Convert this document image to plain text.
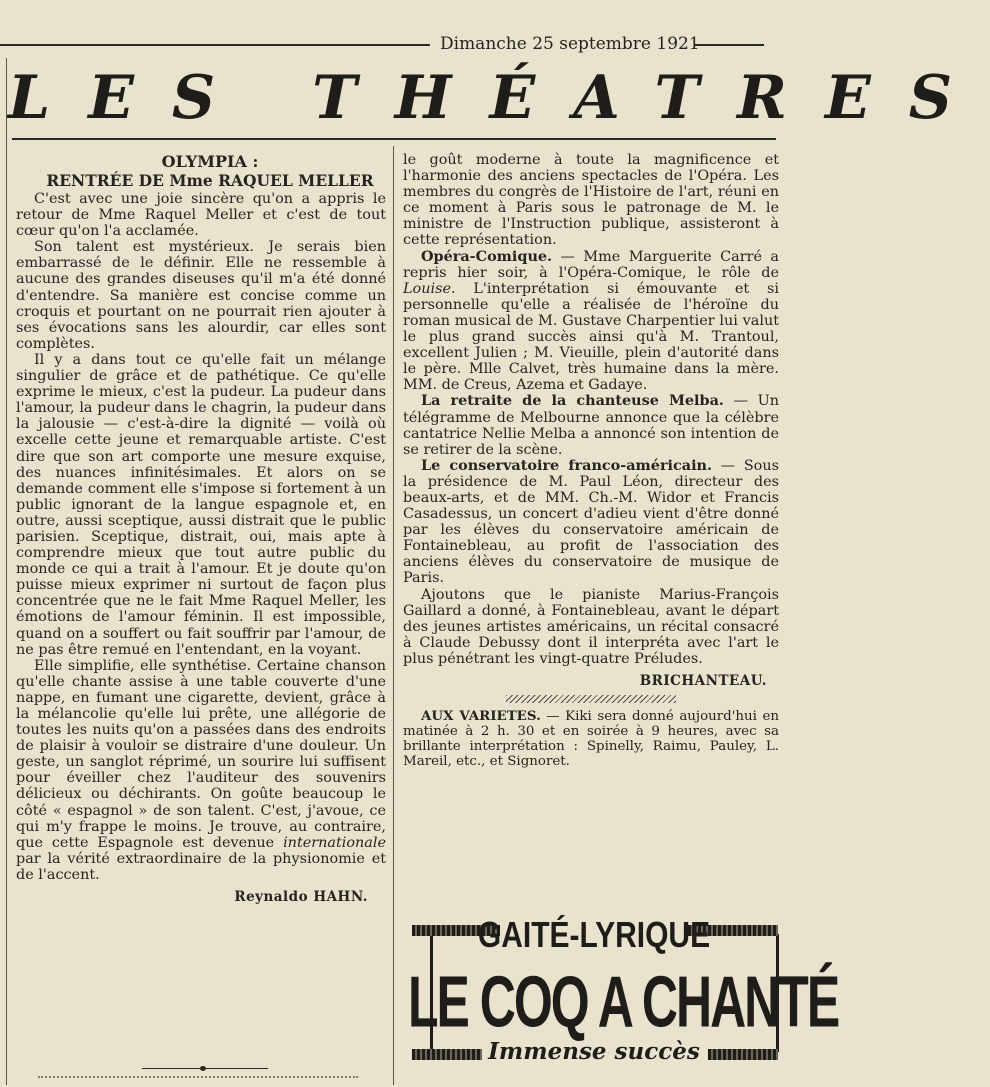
Dimanche 25 septembre 1921
LES THÉATRES

OLYMPIA :

RENTRÉE DE Mme RAQUEL MELLER

C'est avec une joie sincère qu'on a appris le retour de Mme Raquel Meller et c'est de tout cœur qu'on l'a acclamée.

Son talent est mystérieux. Je serais bien embarrassé de le définir. Elle ne ressemble à aucune des grandes diseuses qu'il m'a été donné d'entendre. Sa manière est concise comme un croquis et pourtant on ne pourrait rien ajouter à ses évocations sans les alourdir, car elles sont complètes.

Il y a dans tout ce qu'elle fait un mélange singulier de grâce et de pathétique. Ce qu'elle exprime le mieux, c'est la pudeur. La pudeur dans l'amour, la pudeur dans le chagrin, la pudeur dans la jalousie — c'est-à-dire la dignité — voilà où excelle cette jeune et remarquable artiste. C'est dire que son art comporte une mesure exquise, des nuances infinitésimales. Et alors on se demande comment elle s'impose si fortement à un public ignorant de la langue espagnole et, en outre, aussi sceptique, aussi distrait que le public parisien. Sceptique, distrait, oui, mais apte à comprendre mieux que tout autre public du monde ce qui a trait à l'amour. Et je doute qu'on puisse mieux exprimer ni surtout de façon plus concentrée que ne le fait Mme Raquel Meller, les émotions de l'amour féminin. Il est impossible, quand on a souffert ou fait souffrir par l'amour, de ne pas être remué en l'entendant, en la voyant.

Elle simplifie, elle synthétise. Certaine chanson qu'elle chante assise à une table couverte d'une nappe, en fumant une cigarette, devient, grâce à la mélancolie qu'elle lui prête, une allégorie de toutes les nuits qu'on a passées dans des endroits de plaisir à vouloir se distraire d'une douleur. Un geste, un sanglot réprimé, un sourire lui suffisent pour éveiller chez l'auditeur des souvenirs délicieux ou déchirants. On goûte beaucoup le côté « espagnol » de son talent. C'est, j'avoue, ce qui m'y frappe le moins. Je trouve, au contraire, que cette Espagnole est devenue internationale par la vérité extraordinaire de la physionomie et de l'accent.

Reynaldo HAHN.

le goût moderne à toute la magnificence et l'harmonie des anciens spectacles de l'Opéra. Les membres du congrès de l'Histoire de l'art, réuni en ce moment à Paris sous le patronage de M. le ministre de l'Instruction publique, assisteront à cette représentation.

Opéra-Comique. — Mme Marguerite Carré a repris hier soir, à l'Opéra-Comique, le rôle de Louise. L'interprétation si émouvante et si personnelle qu'elle a réalisée de l'héroïne du roman musical de M. Gustave Charpentier lui valut le plus grand succès ainsi qu'à M. Trantoul, excellent Julien ; M. Vieuille, plein d'autorité dans le père. Mlle Calvet, très humaine dans la mère. MM. de Creus, Azema et Gadaye.

La retraite de la chanteuse Melba. — Un télégramme de Melbourne annonce que la célèbre cantatrice Nellie Melba a annoncé son intention de se retirer de la scène.

Le conservatoire franco-américain. — Sous la présidence de M. Paul Léon, directeur des beaux-arts, et de MM. Ch.-M. Widor et Francis Casadessus, un concert d'adieu vient d'être donné par les élèves du conservatoire américain de Fontainebleau, au profit de l'association des anciens élèves du conservatoire de musique de Paris.

Ajoutons que le pianiste Marius-François Gaillard a donné, à Fontainebleau, avant le départ des jeunes artistes américains, un récital consacré à Claude Debussy dont il interpréta avec l'art le plus pénétrant les vingt-quatre Préludes.

BRICHANTEAU.

AUX VARIETES. — Kiki sera donné aujourd'hui en matinée à 2 h. 30 et en soirée à 9 heures, avec sa brillante interprétation : Spinelly, Raimu, Pauley, L. Mareil, etc., et Signoret.

GAITÉ-LYRIQUE
LE COQ A CHANTÉ
Immense succès
